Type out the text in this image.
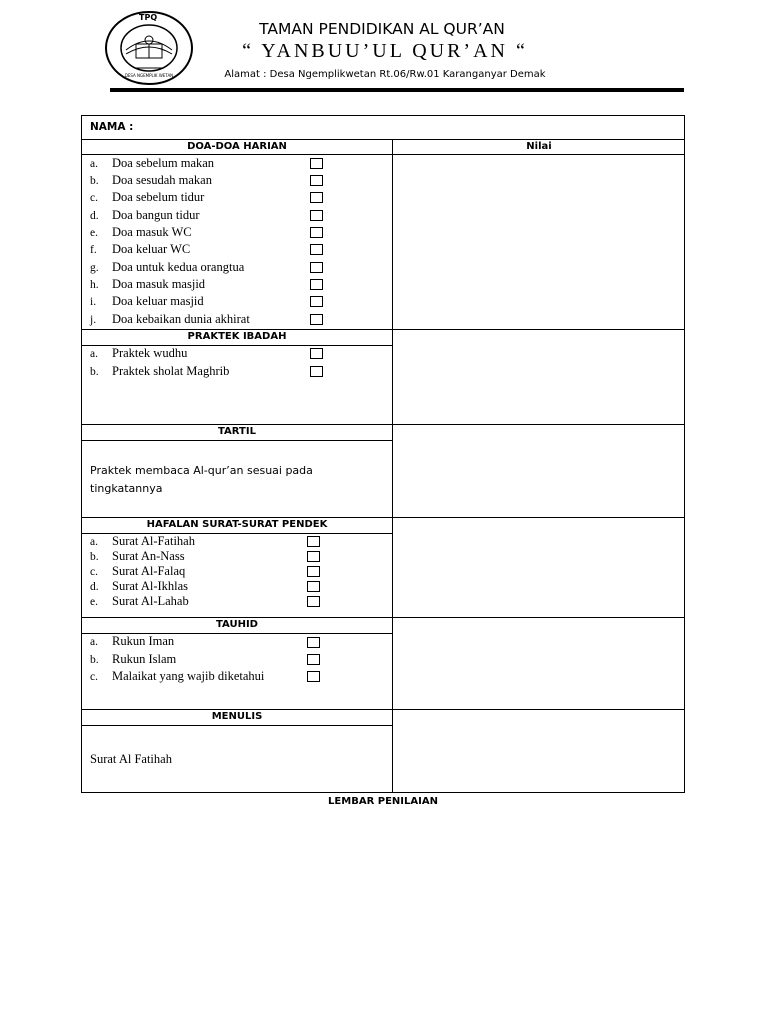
TPQ
DESA NGEMPLIK WETAN
TAMAN PENDIDIKAN AL QUR’AN
“ YANBUU’UL QUR’AN “
Alamat : Desa Ngemplikwetan Rt.06/Rw.01 Karanganyar Demak
NAMA :
DOA-DOA HARIAN	Nilai
a. Doa sebelum makan
b. Doa sesudah makan
c. Doa sebelum tidur
d. Doa bangun tidur
e. Doa masuk WC
f. Doa keluar WC
g. Doa untuk kedua orangtua
h. Doa masuk masjid
i. Doa keluar masjid
j. Doa kebaikan dunia akhirat
PRAKTEK IBADAH
a. Praktek wudhu
b. Praktek sholat Maghrib
TARTIL
Praktek membaca Al-qur’an sesuai pada tingkatannya
HAFALAN SURAT-SURAT PENDEK
a. Surat Al-Fatihah
b. Surat An-Nass
c. Surat Al-Falaq
d. Surat Al-Ikhlas
e. Surat Al-Lahab
TAUHID
a. Rukun Iman
b. Rukun Islam
c. Malaikat yang wajib diketahui
MENULIS
Surat Al Fatihah
LEMBAR PENILAIAN
